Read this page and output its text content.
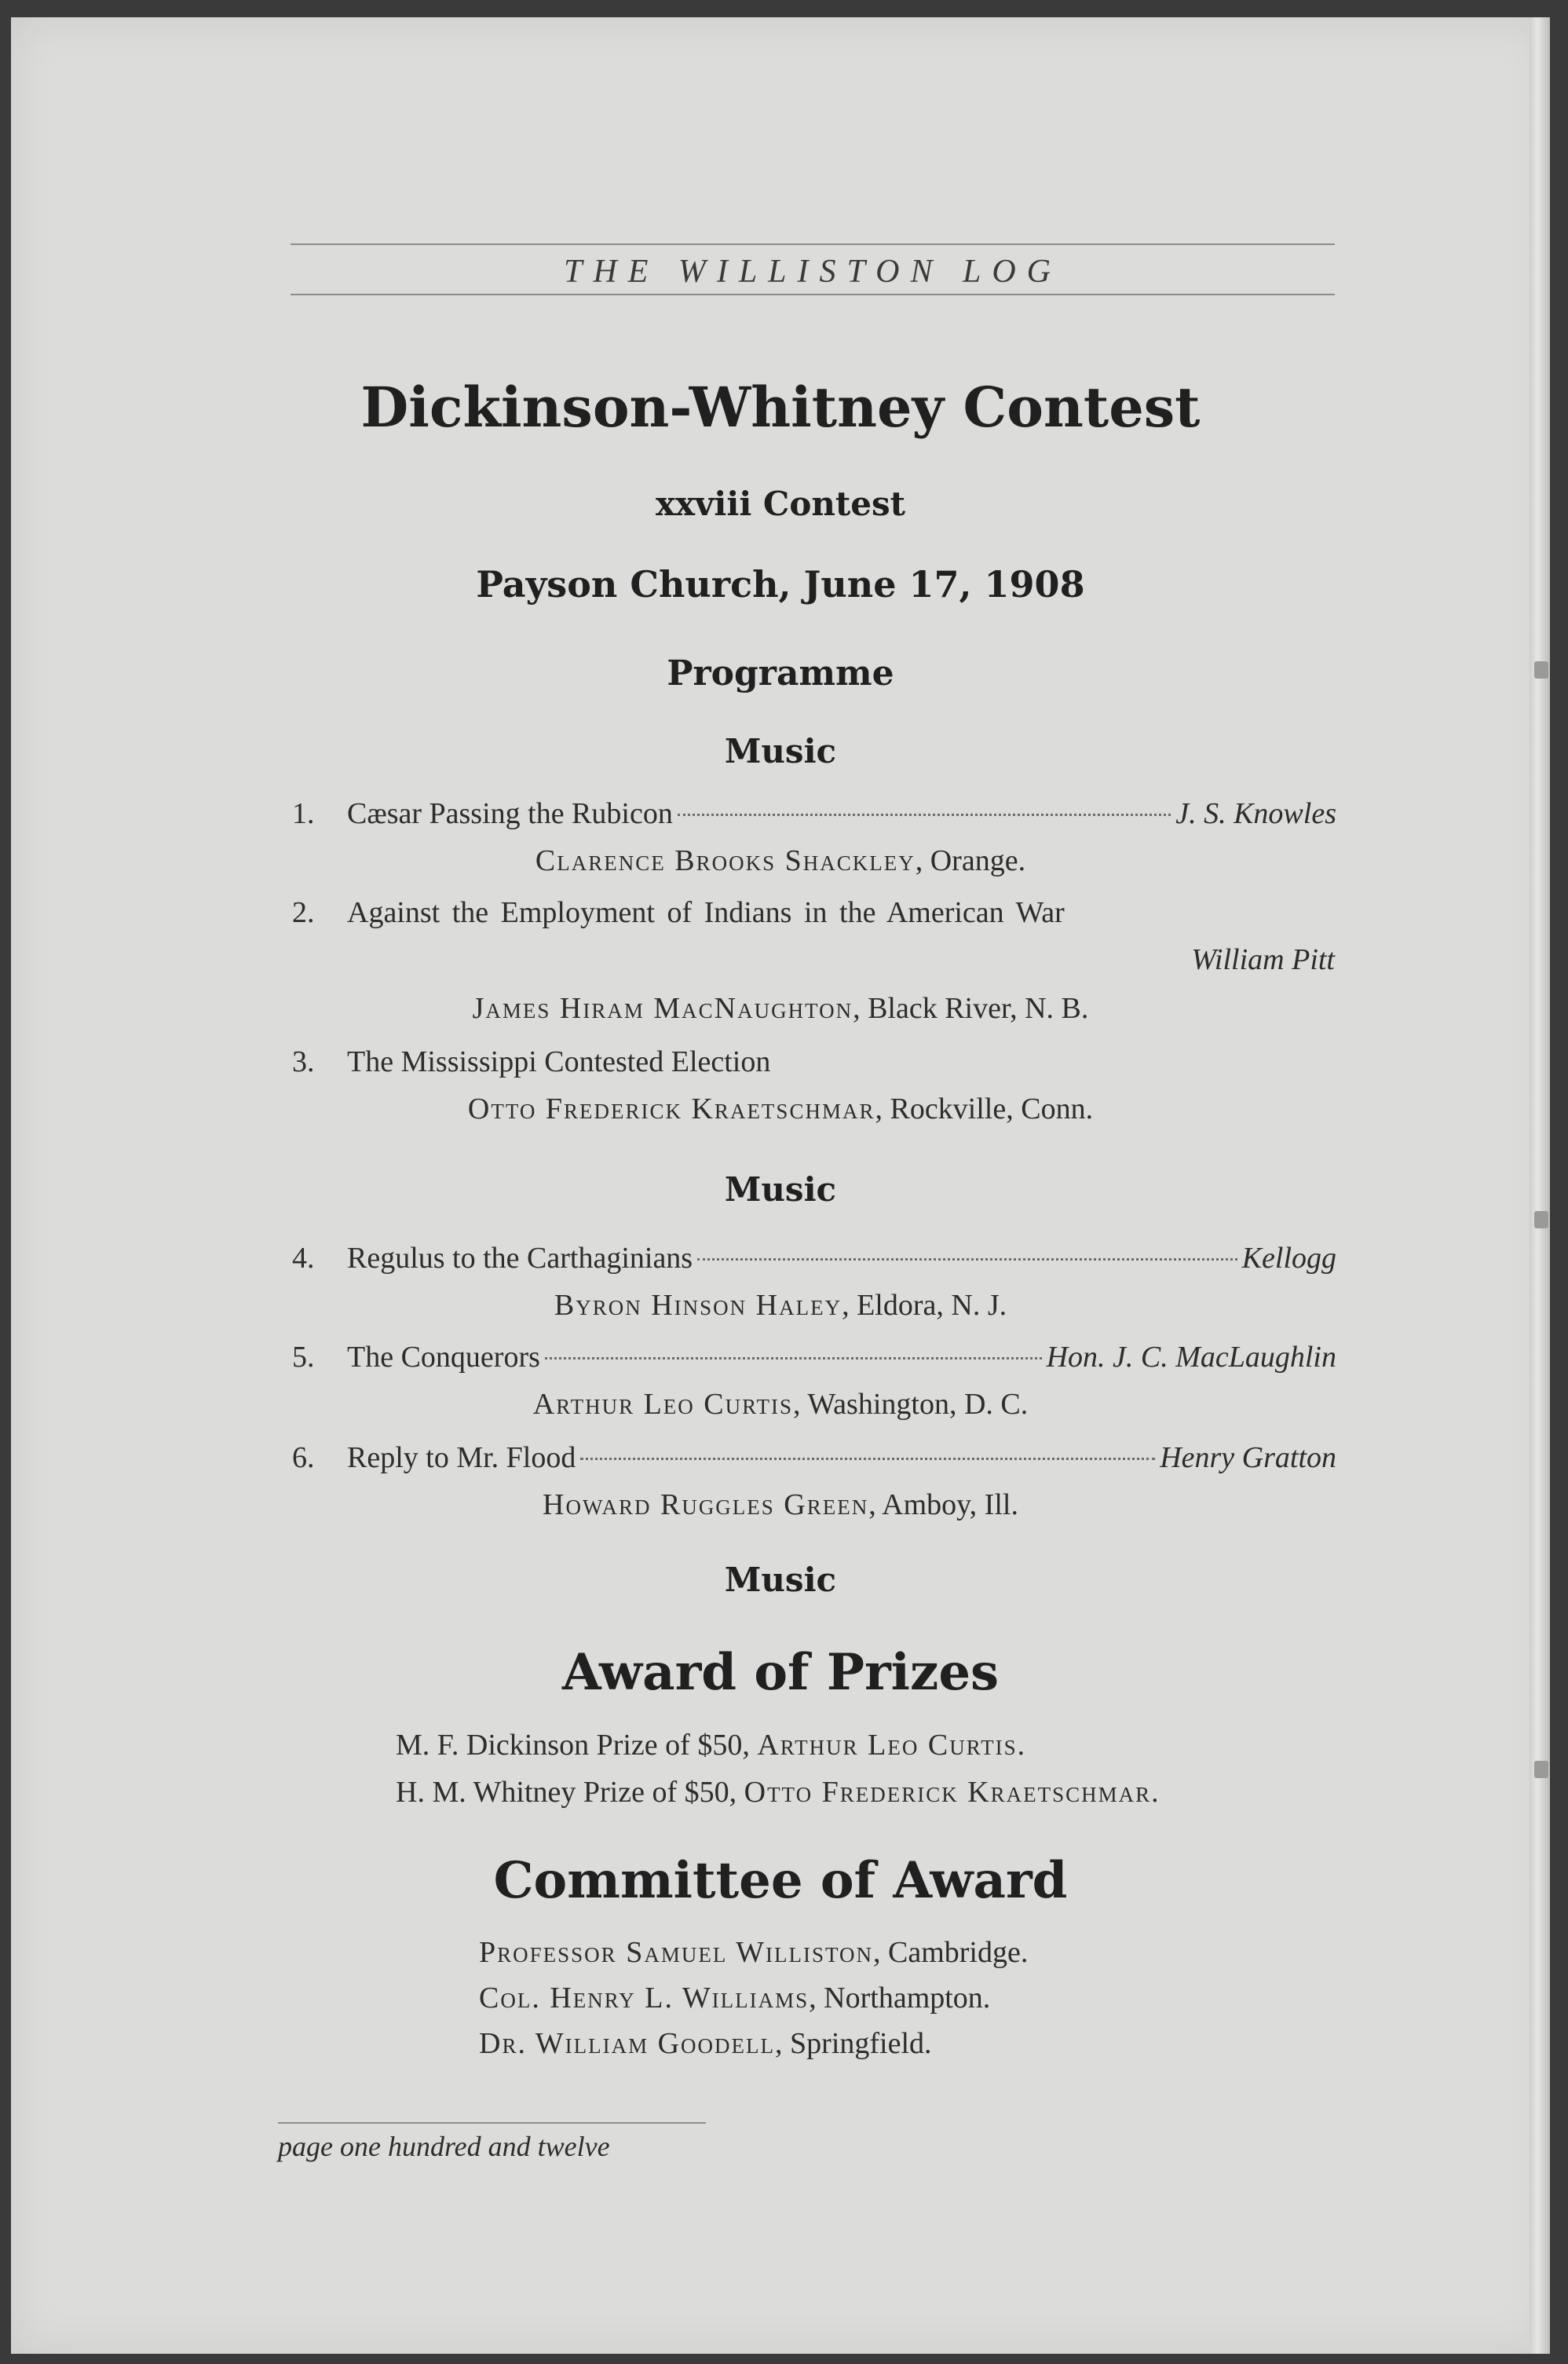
THE WILLISTON LOG
Dickinson-Whitney Contest
xxviii Contest
Payson Church, June 17, 1908
Programme
Music
1. Cæsar Passing the Rubicon	J. S. Knowles
Clarence Brooks Shackley, Orange.
2. Against the Employment of Indians in the American War
William Pitt
James Hiram MacNaughton, Black River, N. B.
3. The Mississippi Contested Election
Otto Frederick Kraetschmar, Rockville, Conn.
Music
4. Regulus to the Carthaginians	Kellogg
Byron Hinson Haley, Eldora, N. J.
5. The Conquerors	Hon. J. C. MacLaughlin
Arthur Leo Curtis, Washington, D. C.
6. Reply to Mr. Flood	Henry Gratton
Howard Ruggles Green, Amboy, Ill.
Music
Award of Prizes
M. F. Dickinson Prize of $50, Arthur Leo Curtis.
H. M. Whitney Prize of $50, Otto Frederick Kraetschmar.
Committee of Award
Professor Samuel Williston, Cambridge.
Col. Henry L. Williams, Northampton.
Dr. William Goodell, Springfield.
page one hundred and twelve
